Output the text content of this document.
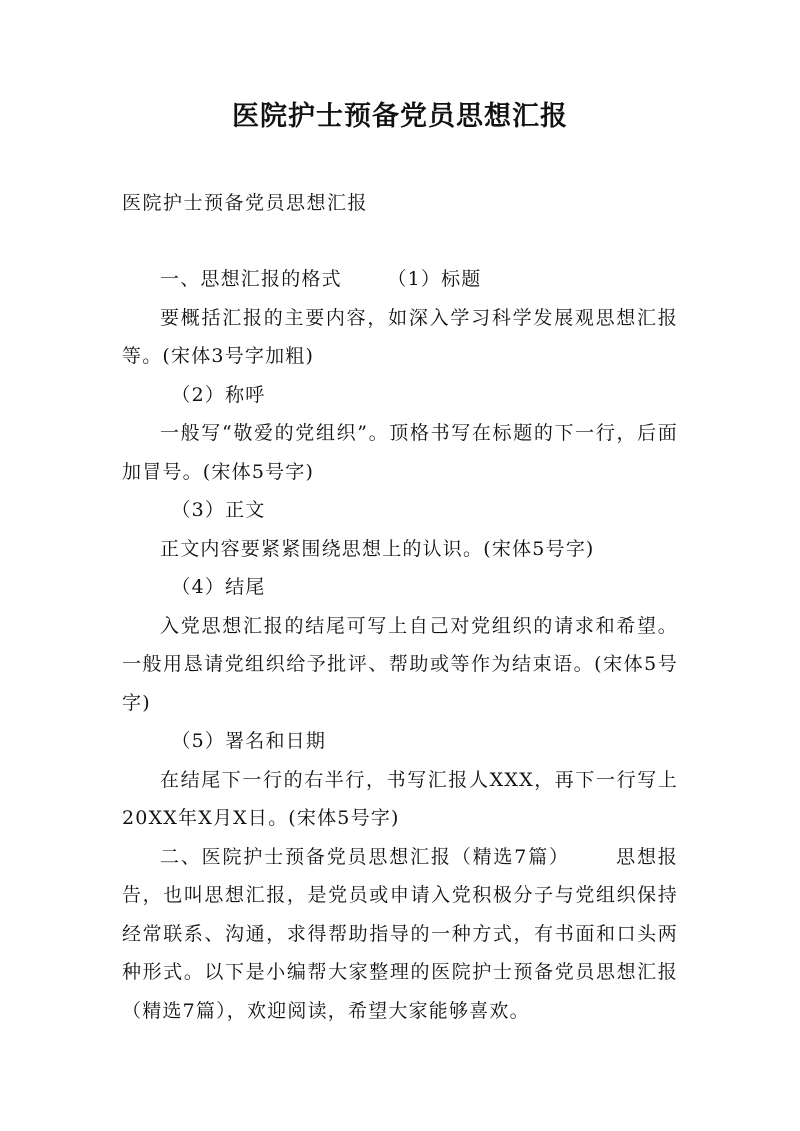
医院护士预备党员思想汇报

医院护士预备党员思想汇报

一、思想汇报的格式 （1）标题

要概括汇报的主要内容，如深入学习科学发展观思想汇报等。(宋体3号字加粗)

（2）称呼

一般写“敬爱的党组织”。顶格书写在标题的下一行，后面加冒号。(宋体5号字)

（3）正文

正文内容要紧紧围绕思想上的认识。(宋体5号字)

（4）结尾

入党思想汇报的结尾可写上自己对党组织的请求和希望。一般用恳请党组织给予批评、帮助或等作为结束语。(宋体5号字)

（5）署名和日期

在结尾下一行的右半行，书写汇报人XXX，再下一行写上20XX年X月X日。(宋体5号字)

二、医院护士预备党员思想汇报（精选7篇） 思想报告，也叫思想汇报，是党员或申请入党积极分子与党组织保持经常联系、沟通，求得帮助指导的一种方式，有书面和口头两种形式。以下是小编帮大家整理的医院护士预备党员思想汇报（精选7篇），欢迎阅读，希望大家能够喜欢。
